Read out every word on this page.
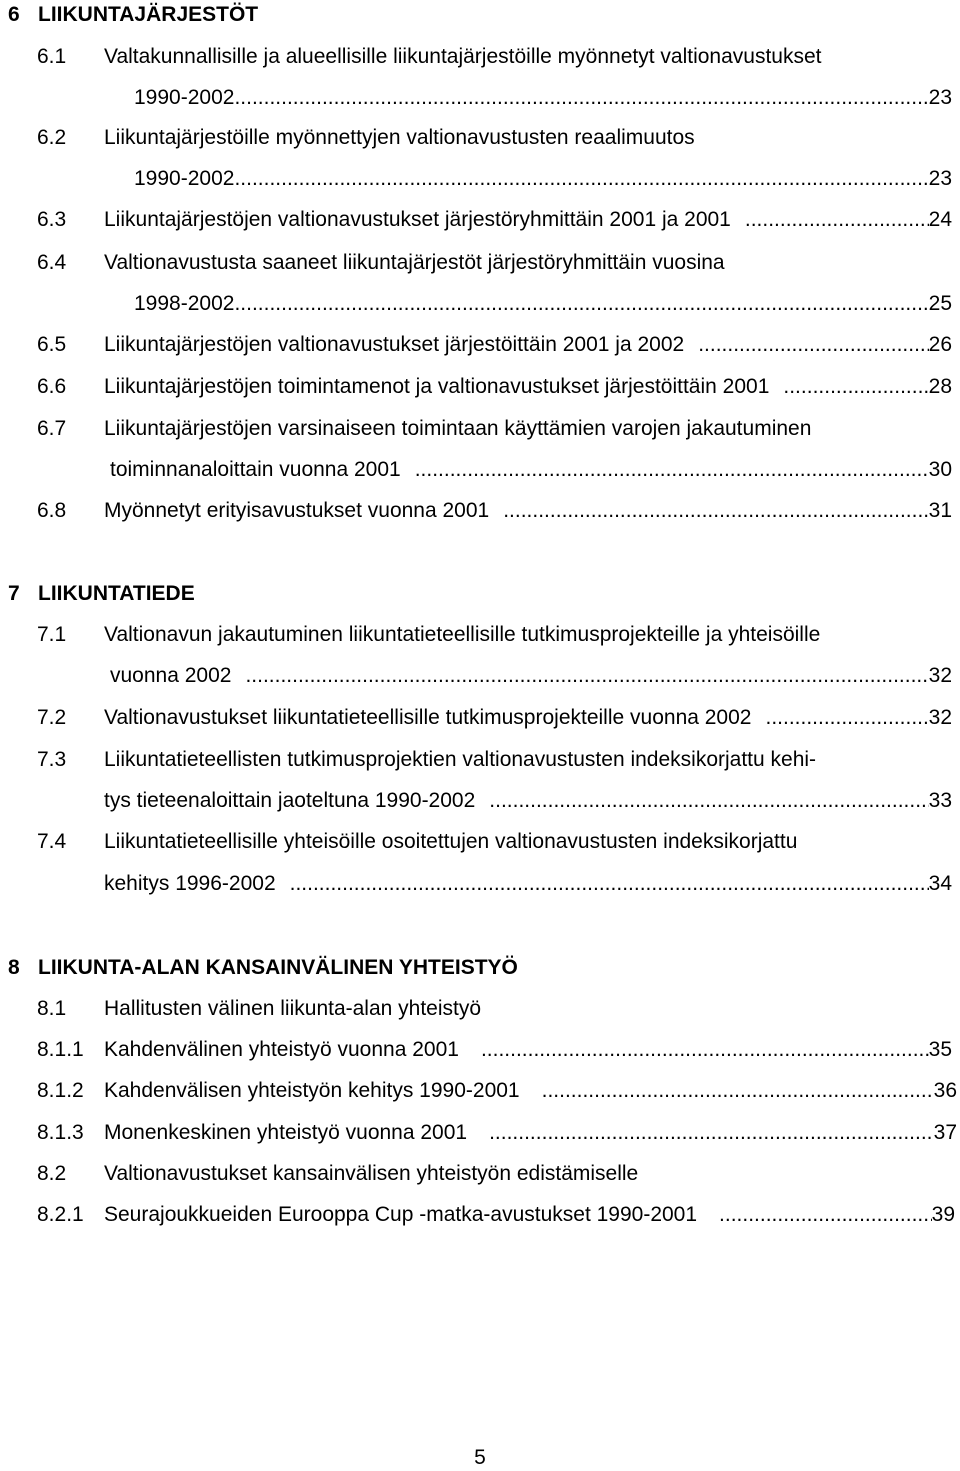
6 LIIKUNTAJÄRJESTÖT
6.1 Valtakunnallisille ja alueellisille liikuntajärjestöille myönnetyt valtionavustukset
1990-2002 .....	23
6.2 Liikuntajärjestöille myönnettyjen valtionavustusten reaalimuutos
1990-2002 .....	23
6.3	Liikuntajärjestöjen valtionavustukset järjestöryhmittäin 2001 ja 2001 .....	24
6.4 Valtionavustusta saaneet liikuntajärjestöt järjestöryhmittäin vuosina
1998-2002 .....	25
6.5	Liikuntajärjestöjen valtionavustukset järjestöittäin 2001 ja 2002 .....	26
6.6	Liikuntajärjestöjen toimintamenot ja valtionavustukset järjestöittäin 2001 .....	28
6.7 Liikuntajärjestöjen varsinaiseen toimintaan käyttämien varojen jakautuminen
toiminnanaloittain vuonna 2001 .....	30
6.8	Myönnetyt erityisavustukset vuonna 2001 .....	31
7 LIIKUNTATIEDE
7.1 Valtionavun jakautuminen liikuntatieteellisille tutkimusprojekteille ja yhteisöille
vuonna 2002 .....	32
7.2	Valtionavustukset liikuntatieteellisille tutkimusprojekteille vuonna 2002 .....	32
7.3 Liikuntatieteellisten tutkimusprojektien valtionavustusten indeksikorjattu kehi-
tys tieteenaloittain jaoteltuna 1990-2002 .....	33
7.4 Liikuntatieteellisille yhteisöille osoitettujen valtionavustusten indeksikorjattu
kehitys 1996-2002 .....	34
8 LIIKUNTA-ALAN KANSAINVÄLINEN YHTEISTYÖ
8.1 Hallitusten välinen liikunta-alan yhteistyö
8.1.1 Kahdenvälinen yhteistyö vuonna 2001 .....	35
8.1.2 Kahdenvälisen yhteistyön kehitys 1990-2001 .....	36
8.1.3 Monenkeskinen yhteistyö vuonna 2001 .....	37
8.2 Valtionavustukset kansainvälisen yhteistyön edistämiselle
8.2.1 Seurajoukkueiden Eurooppa Cup -matka-avustukset 1990-2001 .....	39
5
